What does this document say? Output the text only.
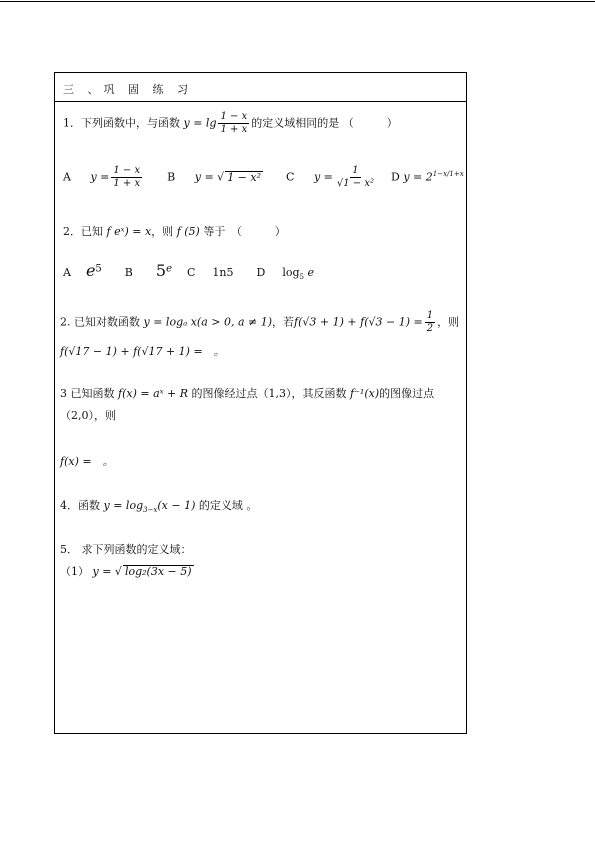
三 、巩 固 练 习
1．下列函数中，与函数 $y = \lg \frac{1 - x}{1 + x}$ 的定义域相同的是 （　　　）
A $y = \frac{1 - x}{1 + x}$ B y = √ 1 − x² C $y = \frac{1}{\text{√1 − x²}}$ D $y = 2^{1-x/1+x}$
2．已知 f eˣ) = x，则 f (5) 等于　（　　　）
A $e^5$ B 5e C 1n5 D $\log_5 e$
2. 已知对数函数 y = logₐ x(a > 0, a ≠ 1)，若$f(√3 + 1) + f(√3 - 1) = \frac{1}{2}$ ，则
f(√17 − 1) + f(√17 + 1) =　。
3 已知函数 f(x) = aˣ + R 的图像经过点（1,3），其反函数 f⁻¹(x)的图像过点
（2,0），则
f(x) =　。
4．函数 $y = \log_{3-x}(x - 1)$ 的定义域 。
5． 求下列函数的定义域：
（1） y = √ log₂(3x − 5)
